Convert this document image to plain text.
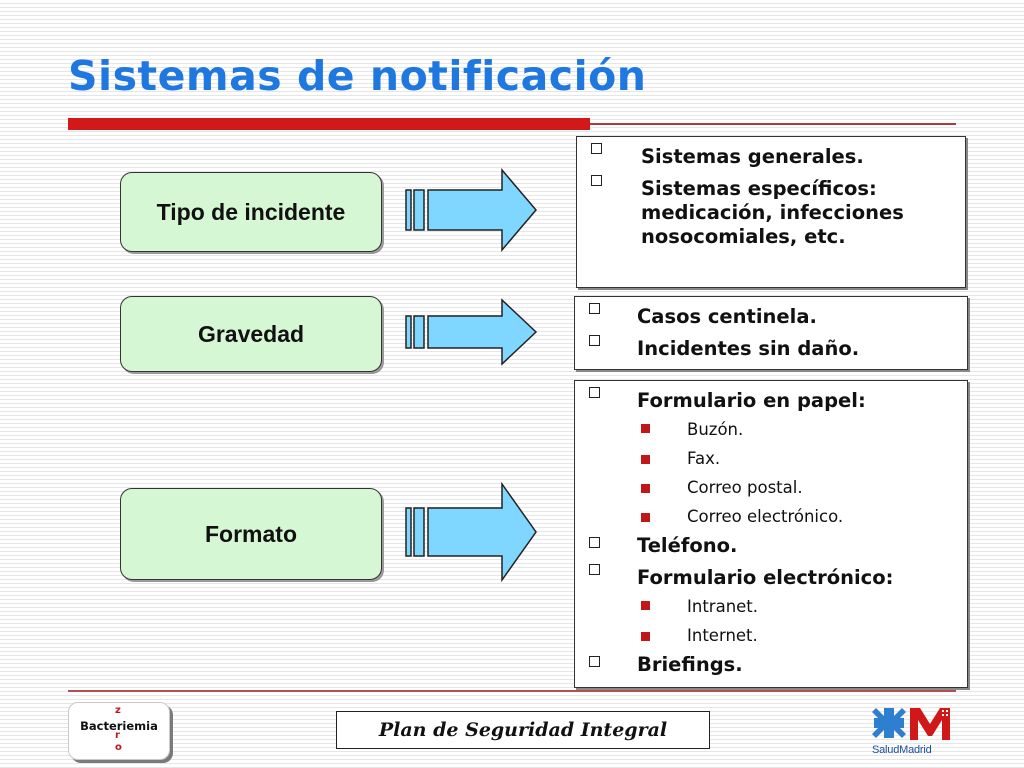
Sistemas de notificación
Tipo de incidente
Gravedad
Formato
Sistemas generales.
Sistemas específicos: medicación, infecciones nosocomiales, etc.
Casos centinela.
Incidentes sin daño.
Formulario en papel:
Buzón.
Fax.
Correo postal.
Correo electrónico.
Teléfono.
Formulario electrónico:
Intranet.
Internet.
Briefings.
z
r
o
Bacteriemia	Plan de Seguridad Integral
SaludMadrid
